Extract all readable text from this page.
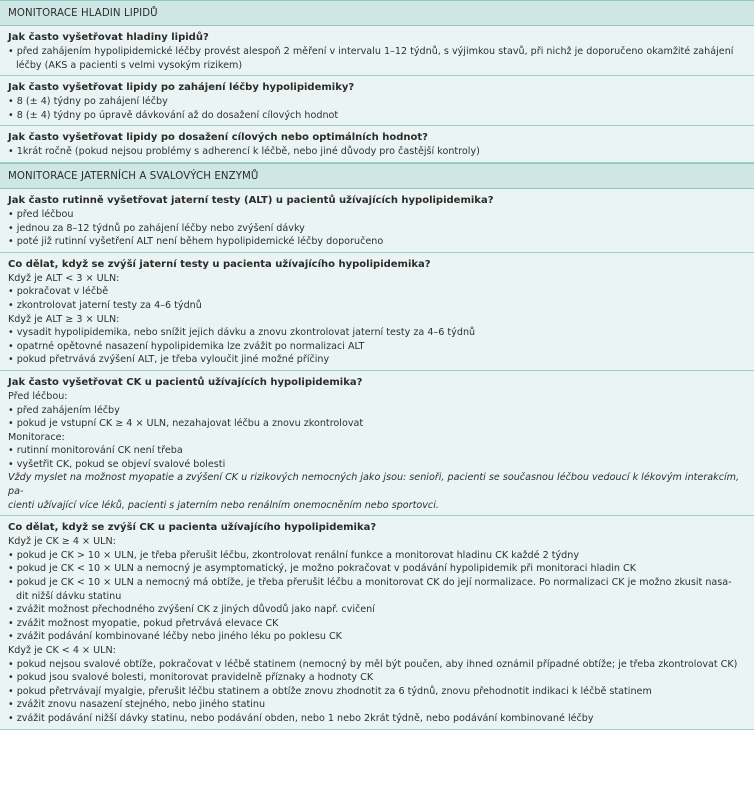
MONITORACE HLADIN LIPIDŮ
Jak často vyšetřovat hladiny lipidů?
• před zahájením hypolipidemické léčby provést alespoň 2 měření v intervalu 1–12 týdnů, s výjimkou stavů, při nichž je doporučeno okamžité zahájení
léčby (AKS a pacienti s velmi vysokým rizikem)
Jak často vyšetřovat lipidy po zahájení léčby hypolipidemiky?
• 8 (± 4) týdny po zahájení léčby
• 8 (± 4) týdny po úpravě dávkování až do dosažení cílových hodnot
Jak často vyšetřovat lipidy po dosažení cílových nebo optimálních hodnot?
• 1krát ročně (pokud nejsou problémy s adherencí k léčbě, nebo jiné důvody pro častější kontroly)
MONITORACE JATERNÍCH A SVALOVÝCH ENZYMŮ
Jak často rutinně vyšetřovat jaterní testy (ALT) u pacientů užívajících hypolipidemika?
• před léčbou
• jednou za 8–12 týdnů po zahájení léčby nebo zvýšení dávky
• poté již rutinní vyšetření ALT není během hypolipidemické léčby doporučeno
Co dělat, když se zvýší jaterní testy u pacienta užívajícího hypolipidemika?
Když je ALT < 3 × ULN:
• pokračovat v léčbě
• zkontrolovat jaterní testy za 4–6 týdnů
Když je ALT ≥ 3 × ULN:
• vysadit hypolipidemika, nebo snížit jejich dávku a znovu zkontrolovat jaterní testy za 4–6 týdnů
• opatrné opětovné nasazení hypolipidemika lze zvážit po normalizaci ALT
• pokud přetrvává zvýšení ALT, je třeba vyloučit jiné možné příčiny
Jak často vyšetřovat CK u pacientů užívajících hypolipidemika?
Před léčbou:
• před zahájením léčby
• pokud je vstupní CK ≥ 4 × ULN, nezahajovat léčbu a znovu zkontrolovat
Monitorace:
• rutinní monitorování CK není třeba
• vyšetřit CK, pokud se objeví svalové bolesti
Vždy myslet na možnost myopatie a zvýšení CK u rizikových nemocných jako jsou: senioři, pacienti se současnou léčbou vedoucí k lékovým interakcím, pa-
cienti užívající více léků, pacienti s jaterním nebo renálním onemocněním nebo sportovci.
Co dělat, když se zvýší CK u pacienta užívajícího hypolipidemika?
Když je CK ≥ 4 × ULN:
• pokud je CK > 10 × ULN, je třeba přerušit léčbu, zkontrolovat renální funkce a monitorovat hladinu CK každé 2 týdny
• pokud je CK < 10 × ULN a nemocný je asymptomatický, je možno pokračovat v podávání hypolipidemik při monitoraci hladin CK
• pokud je CK < 10 × ULN a nemocný má obtíže, je třeba přerušit léčbu a monitorovat CK do její normalizace. Po normalizaci CK je možno zkusit nasa-
dit nižší dávku statinu
• zvážit možnost přechodného zvýšení CK z jiných důvodů jako např. cvičení
• zvážit možnost myopatie, pokud přetrvává elevace CK
• zvážit podávání kombinované léčby nebo jiného léku po poklesu CK
Když je CK < 4 × ULN:
• pokud nejsou svalové obtíže, pokračovat v léčbě statinem (nemocný by měl být poučen, aby ihned oznámil případné obtíže; je třeba zkontrolovat CK)
• pokud jsou svalové bolesti, monitorovat pravidelně příznaky a hodnoty CK
• pokud přetrvávají myalgie, přerušit léčbu statinem a obtíže znovu zhodnotit za 6 týdnů, znovu přehodnotit indikaci k léčbě statinem
• zvážit znovu nasazení stejného, nebo jiného statinu
• zvážit podávání nižší dávky statinu, nebo podávání obden, nebo 1 nebo 2krát týdně, nebo podávání kombinované léčby
